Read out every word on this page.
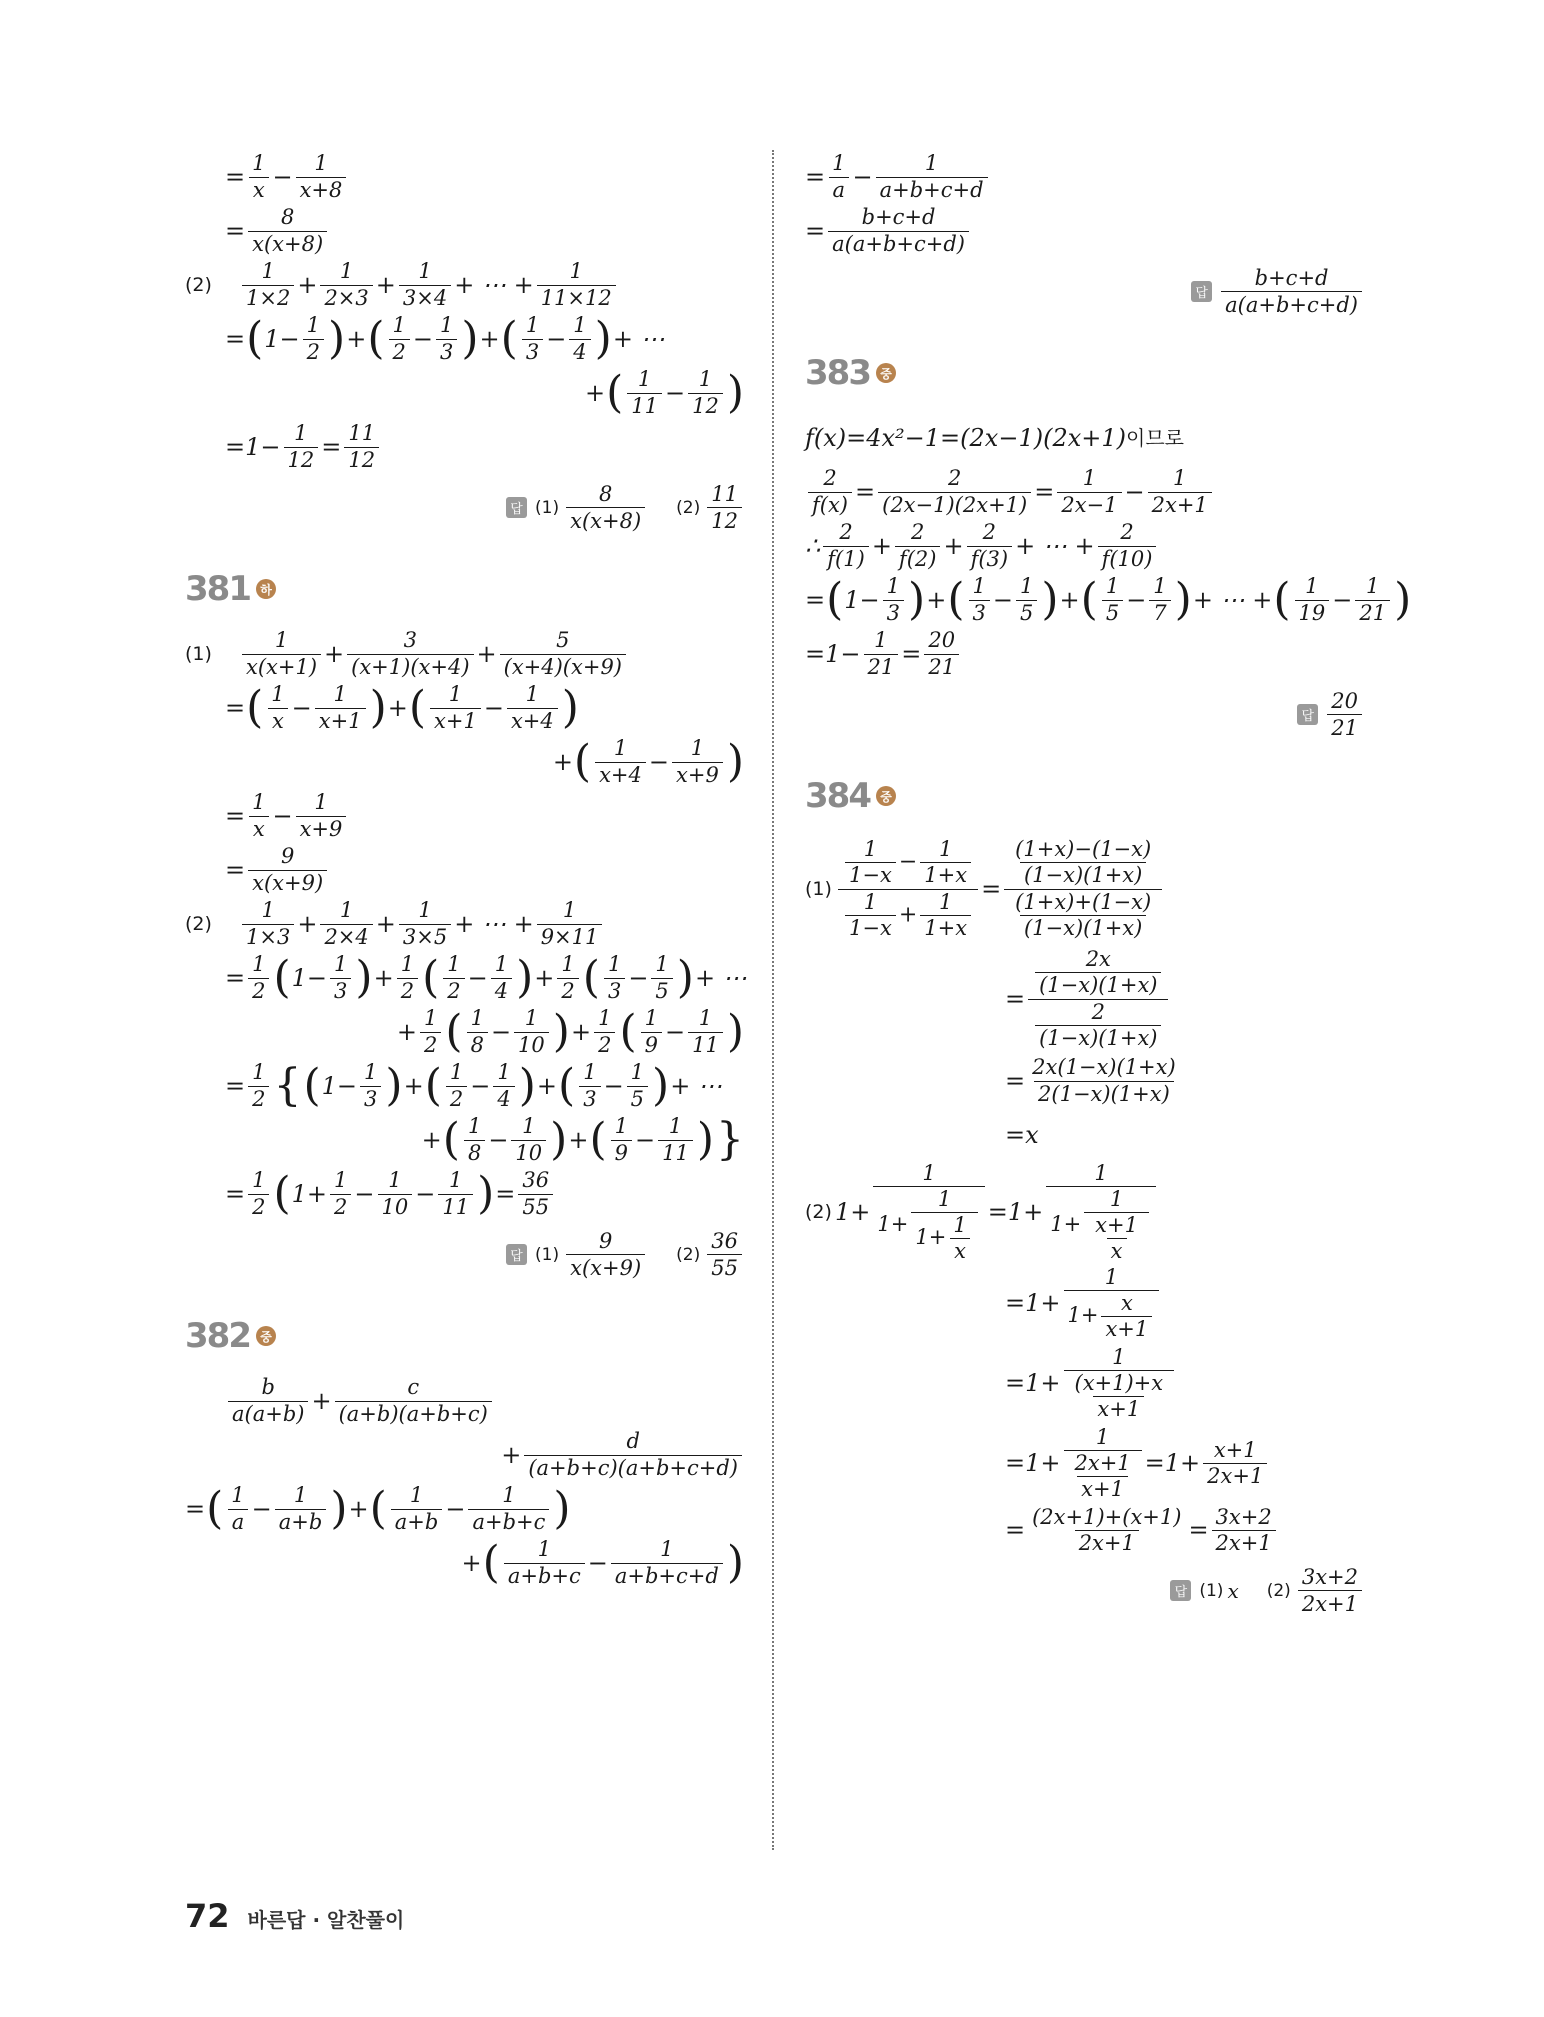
= $\frac{1}{x} - \frac{1}{x+8}$
= $\frac{8}{x(x+8)}$
(2)	$\frac{1}{1\times 2} + \frac{1}{2\times 3} + \frac{1}{3\times 4}$ + ⋯ + $\frac{1}{11\times 12}$
= ( $1- \frac{1}{2}$ ) + ( $\frac{1}{2} - \frac{1}{3}$ ) + ( $\frac{1}{3} - \frac{1}{4}$ ) + ⋯
+ ( $\frac{1}{11} - \frac{1}{12}$ )
$=1- \frac{1}{12} = \frac{11}{12}$
답 $(1) \frac{8}{x(x+8)} (2) \frac{11}{12}$
381 하
(1)	$\frac{1}{x(x+1)} + \frac{3}{(x+1)(x+4)} + \frac{5}{(x+4)(x+9)}$
= ( $\frac{1}{x} - \frac{1}{x+1}$ ) + ( $\frac{1}{x+1} - \frac{1}{x+4}$ )
+ ( $\frac{1}{x+4} - \frac{1}{x+9}$ )
= $\frac{1}{x} - \frac{1}{x+9}$
= $\frac{9}{x(x+9)}$
(2)	$\frac{1}{1\times 3} + \frac{1}{2\times 4} + \frac{1}{3\times 5}$ + ⋯ + $\frac{1}{9\times 11}$
= $\frac{1}{2}$ ( $1- \frac{1}{3}$ ) + $\frac{1}{2}$ ( $\frac{1}{2} - \frac{1}{4}$ ) + $\frac{1}{2}$ ( $\frac{1}{3} - \frac{1}{5}$ ) + ⋯
+ $\frac{1}{2}$ ( $\frac{1}{8} - \frac{1}{10}$ ) + $\frac{1}{2}$ ( $\frac{1}{9} - \frac{1}{11}$ )
= $\frac{1}{2}$ { ( $1- \frac{1}{3}$ ) + ( $\frac{1}{2} - \frac{1}{4}$ ) + ( $\frac{1}{3} - \frac{1}{5}$ ) + ⋯
+ ( $\frac{1}{8} - \frac{1}{10}$ ) + ( $\frac{1}{9} - \frac{1}{11}$ ) }
= $\frac{1}{2}$ ( $1+ \frac{1}{2} - \frac{1}{10} - \frac{1}{11}$ ) = $\frac{36}{55}$
답 $(1) \frac{9}{x(x+9)} (2) \frac{36}{55}$
382 중
$\frac{b}{a(a+b)} + \frac{c}{(a+b)(a+b+c)}$
+ $\frac{d}{(a+b+c)(a+b+c+d)}$
= ( $\frac{1}{a} - \frac{1}{a+b}$ ) + ( $\frac{1}{a+b} - \frac{1}{a+b+c}$ )
+ ( $\frac{1}{a+b+c} - \frac{1}{a+b+c+d}$ )
= $\frac{1}{a} - \frac{1}{a+b+c+d}$
= $\frac{b+c+d}{a(a+b+c+d)}$
답 $\frac{b+c+d}{a(a+b+c+d)}$
383 중
f(x)=4x²−1=(2x−1)(2x+1) 이므로
$\frac{2}{f(x)} = \frac{2}{(2x-1)(2x+1)} = \frac{1}{2x-1} - \frac{1}{2x+1}$
∴ $\frac{2}{f(1)} + \frac{2}{f(2)} + \frac{2}{f(3)}$ + ⋯ + $\frac{2}{f(10)}$
= ( $1- \frac{1}{3}$ ) + ( $\frac{1}{3} - \frac{1}{5}$ ) + ( $\frac{1}{5} - \frac{1}{7}$ ) + ⋯ + ( $\frac{1}{19} - \frac{1}{21}$ )
$=1- \frac{1}{21} = \frac{20}{21}$
답 $\frac{20}{21}$
384 중
$(1) \frac{\frac{1}{1-x} - \frac{1}{1+x}}{\frac{1}{1-x} + \frac{1}{1+x}} = \frac{\frac{(1+x)-(1-x)}{(1-x)(1+x)}}{\frac{(1+x)+(1-x)}{(1-x)(1+x)}}$
= $\frac{\frac{2x}{(1-x)(1+x)}}{\frac{2}{(1-x)(1+x)}}$
= $\frac{2x(1-x)(1+x)}{2(1-x)(1+x)}$
=x
(2) $1+ \frac{1}{1+ \frac{1}{1+ \frac{1}{x}}} =1+ \frac{1}{1+ \frac{1}{\frac{x+1}{x}}}$
$=1+ \frac{1}{1+ \frac{x}{x+1}}$
$=1+ \frac{1}{\frac{(x+1)+x}{x+1}}$
$=1+ \frac{1}{\frac{2x+1}{x+1}} =1+ \frac{x+1}{2x+1}$
= $\frac{(2x+1)+(x+1)}{2x+1} = \frac{3x+2}{2x+1}$
답 (1) x $(2) \frac{3x+2}{2x+1}$
72 바른답 · 알찬풀이
